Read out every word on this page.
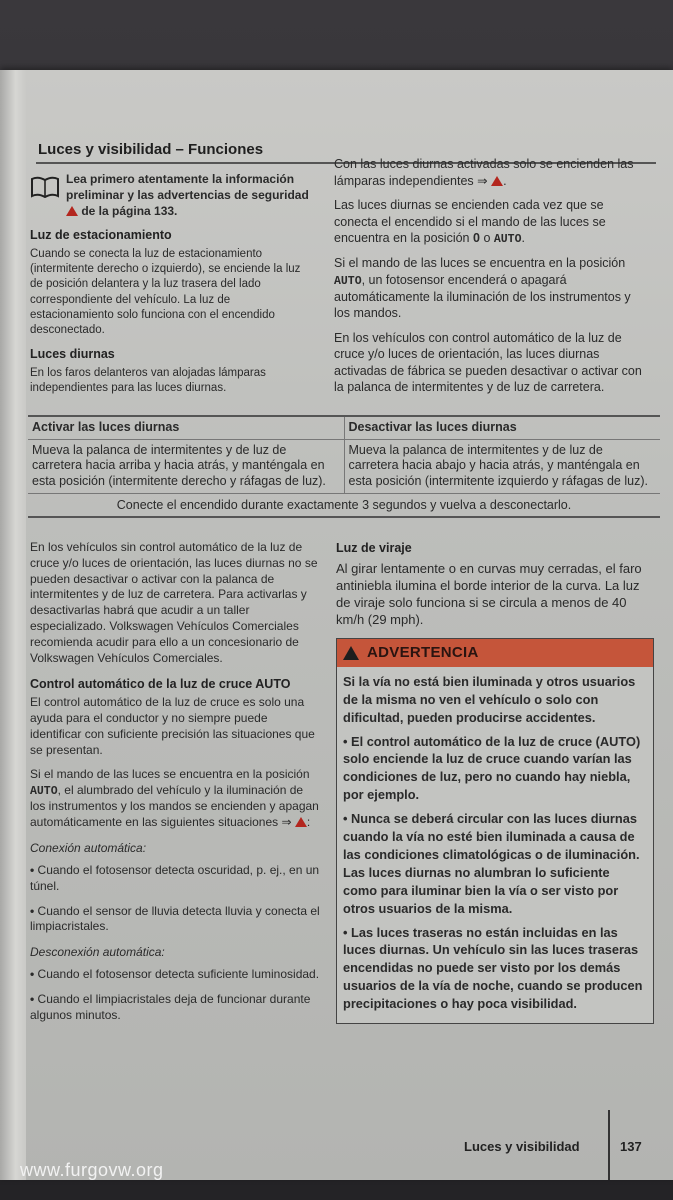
Luces y visibilidad – Funciones
Lea primero atentamente la información preliminar y las advertencias de seguridad  de la página 133.
Luz de estacionamiento

Cuando se conecta la luz de estacionamiento (intermitente derecho o izquierdo), se enciende la luz de posición delantera y la luz trasera del lado correspondiente del vehículo. La luz de estacionamiento solo funciona con el encendido desconectado.

Luces diurnas

En los faros delanteros van alojadas lámparas independientes para las luces diurnas.

Con las luces diurnas activadas solo se encienden las lámparas independientes ⇒ .

Las luces diurnas se encienden cada vez que se conecta el encendido si el mando de las luces se encuentra en la posición 0 o AUTO.

Si el mando de las luces se encuentra en la posición AUTO, un fotosensor encenderá o apagará automáticamente la iluminación de los instrumentos y los mandos.

En los vehículos con control automático de la luz de cruce y/o luces de orientación, las luces diurnas activadas de fábrica se pueden desactivar o activar con la palanca de intermitentes y de luz de carretera.

Activar las luces diurnas	Desactivar las luces diurnas
Mueva la palanca de intermitentes y de luz de carretera hacia arriba y hacia atrás, y manténgala en esta posición (intermitente derecho y ráfagas de luz).
Mueva la palanca de intermitentes y de luz de carretera hacia abajo y hacia atrás, y manténgala en esta posición (intermitente izquierdo y ráfagas de luz).
Conecte el encendido durante exactamente 3 segundos y vuelva a desconectarlo.

En los vehículos sin control automático de la luz de cruce y/o luces de orientación, las luces diurnas no se pueden desactivar o activar con la palanca de intermitentes y de luz de carretera. Para activarlas y desactivarlas habrá que acudir a un taller especializado. Volkswagen Vehículos Comerciales recomienda acudir para ello a un concesionario de Volkswagen Vehículos Comerciales.

Control automático de la luz de cruce AUTO

El control automático de la luz de cruce es solo una ayuda para el conductor y no siempre puede identificar con suficiente precisión las situaciones que se presentan.

Si el mando de las luces se encuentra en la posición AUTO, el alumbrado del vehículo y la iluminación de los instrumentos y los mandos se encienden y apagan automáticamente en las siguientes situaciones ⇒ :

Conexión automática:

• Cuando el fotosensor detecta oscuridad, p. ej., en un túnel.

• Cuando el sensor de lluvia detecta lluvia y conecta el limpiacristales.

Desconexión automática:

• Cuando el fotosensor detecta suficiente luminosidad.

• Cuando el limpiacristales deja de funcionar durante algunos minutos.

Luz de viraje

Al girar lentamente o en curvas muy cerradas, el faro antiniebla ilumina el borde interior de la curva. La luz de viraje solo funciona si se circula a menos de 40 km/h (29 mph).

ADVERTENCIA

Si la vía no está bien iluminada y otros usuarios de la misma no ven el vehículo o solo con dificultad, pueden producirse accidentes.

• El control automático de la luz de cruce (AUTO) solo enciende la luz de cruce cuando varían las condiciones de luz, pero no cuando hay niebla, por ejemplo.

• Nunca se deberá circular con las luces diurnas cuando la vía no esté bien iluminada a causa de las condiciones climatológicas o de iluminación. Las luces diurnas no alumbran lo suficiente como para iluminar bien la vía o ser visto por otros usuarios de la misma.

• Las luces traseras no están incluidas en las luces diurnas. Un vehículo sin las luces traseras encendidas no puede ser visto por los demás usuarios de la vía de noche, cuando se producen precipitaciones o hay poca visibilidad.

Luces y visibilidad	137
www.furgovw.org
